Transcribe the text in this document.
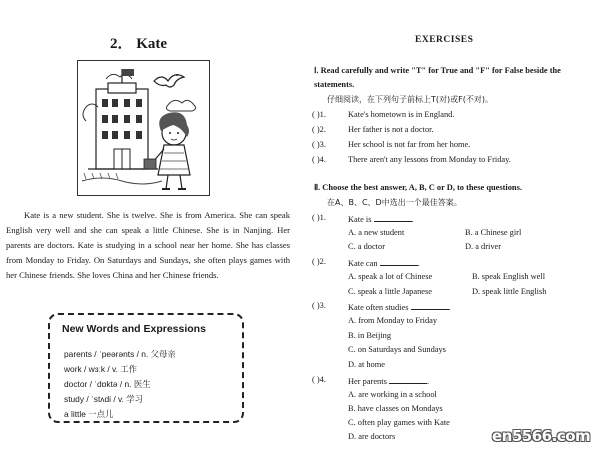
2． Kate
Kate is a new student. She is twelve. She is from America. She can speak English very well and she can speak a little Chinese. She is in Nanjing. Her parents are doctors. Kate is studying in a school near her home. She has classes from Monday to Friday. On Saturdays and Sundays, she often plays games with her Chinese friends. She loves China and her Chinese friends.
New Words and Expressions
parents / ˈpeərənts / n. 父母亲
work / wɜːk / v. 工作
doctor / ˈdɒktə / n. 医生
study / ˈstʌdi / v. 学习
a little 一点儿
EXERCISES
Ⅰ. Read carefully and write "T" for True and "F" for False beside the statements.
仔细阅读，在下列句子前标上T(对)或F(不对)。
( )1.	Kate's hometown is in England.
( )2.	Her father is not a doctor.
( )3.	Her school is not far from her home.
( )4.	There aren't any lessons from Monday to Friday.
Ⅱ. Choose the best answer, A, B, C or D, to these questions.
在A、B、C、D中选出一个最佳答案。
( )1.	Kate is	.
A. a new student	B. a Chinese girl
C. a doctor	D. a driver
( )2.	Kate can	.
A. speak a lot of Chinese	B. speak English well
C. speak a little Japanese	D. speak little English
( )3.	Kate often studies	.
A. from Monday to Friday
B. in Beijing
C. on Saturdays and Sundays
D. at home
( )4.	Her parents	.
A. are working in a school
B. have classes on Mondays
C. often play games with Kate
D. are doctors	en5566.com
